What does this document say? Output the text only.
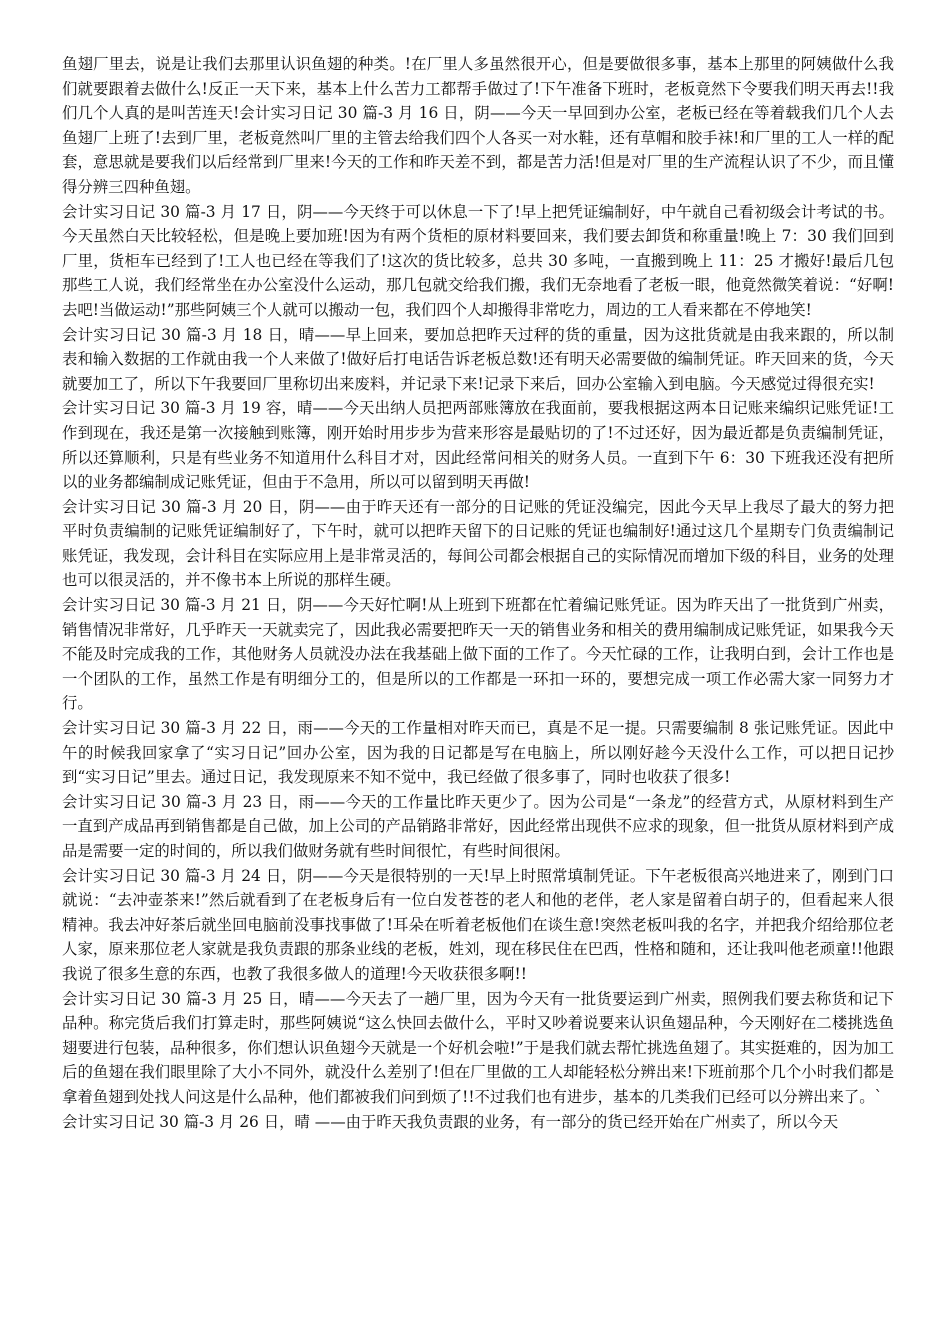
鱼翅厂里去，说是让我们去那里认识鱼翅的种类。!在厂里人多虽然很开心，但是要做很多事，基本上那里的阿姨做什么我们就要跟着去做什么!反正一天下来，基本上什么苦力工都帮手做过了!下午准备下班时，老板竟然下令要我们明天再去!!我们几个人真的是叫苦连天!会计实习日记 30 篇-3 月 16 日，阴——今天一早回到办公室，老板已经在等着载我们几个人去鱼翅厂上班了!去到厂里，老板竟然叫厂里的主管去给我们四个人各买一对水鞋，还有草帽和胶手袜!和厂里的工人一样的配套，意思就是要我们以后经常到厂里来!今天的工作和昨天差不到，都是苦力活!但是对厂里的生产流程认识了不少，而且懂得分辨三四种鱼翅。

会计实习日记 30 篇-3 月 17 日，阴——今天终于可以休息一下了!早上把凭证编制好，中午就自己看初级会计考试的书。今天虽然白天比较轻松，但是晚上要加班!因为有两个货柜的原材料要回来，我们要去卸货和称重量!晚上 7：30 我们回到厂里，货柜车已经到了!工人也已经在等我们了!这次的货比较多，总共 30 多吨，一直搬到晚上 11：25 才搬好!最后几包那些工人说，我们经常坐在办公室没什么运动，那几包就交给我们搬，我们无奈地看了老板一眼，他竟然微笑着说：“好啊!去吧!当做运动!”那些阿姨三个人就可以搬动一包，我们四个人却搬得非常吃力，周边的工人看来都在不停地笑!

会计实习日记 30 篇-3 月 18 日，晴——早上回来，要加总把昨天过秤的货的重量，因为这批货就是由我来跟的，所以制表和输入数据的工作就由我一个人来做了!做好后打电话告诉老板总数!还有明天必需要做的编制凭证。昨天回来的货，今天就要加工了，所以下午我要回厂里称切出来废料，并记录下来!记录下来后，回办公室输入到电脑。今天感觉过得很充实!

会计实习日记 30 篇-3 月 19 容，晴——今天出纳人员把两部账簿放在我面前，要我根据这两本日记账来编织记账凭证!工作到现在，我还是第一次接触到账簿，刚开始时用步步为营来形容是最贴切的了!不过还好，因为最近都是负责编制凭证，所以还算顺利，只是有些业务不知道用什么科目才对，因此经常问相关的财务人员。一直到下午 6：30 下班我还没有把所以的业务都编制成记账凭证，但由于不急用，所以可以留到明天再做!

会计实习日记 30 篇-3 月 20 日，阴——由于昨天还有一部分的日记账的凭证没编完，因此今天早上我尽了最大的努力把平时负责编制的记账凭证编制好了，下午时，就可以把昨天留下的日记账的凭证也编制好!通过这几个星期专门负责编制记账凭证，我发现，会计科目在实际应用上是非常灵活的，每间公司都会根据自己的实际情况而增加下级的科目，业务的处理也可以很灵活的，并不像书本上所说的那样生硬。

会计实习日记 30 篇-3 月 21 日，阴——今天好忙啊!从上班到下班都在忙着编记账凭证。因为昨天出了一批货到广州卖，销售情况非常好，几乎昨天一天就卖完了，因此我必需要把昨天一天的销售业务和相关的费用编制成记账凭证，如果我今天不能及时完成我的工作，其他财务人员就没办法在我基础上做下面的工作了。今天忙碌的工作，让我明白到，会计工作也是一个团队的工作，虽然工作是有明细分工的，但是所以的工作都是一环扣一环的，要想完成一项工作必需大家一同努力才行。

会计实习日记 30 篇-3 月 22 日，雨——今天的工作量相对昨天而已，真是不足一提。只需要编制 8 张记账凭证。因此中午的时候我回家拿了“实习日记”回办公室，因为我的日记都是写在电脑上，所以刚好趁今天没什么工作，可以把日记抄到“实习日记”里去。通过日记，我发现原来不知不觉中，我已经做了很多事了，同时也收获了很多!

会计实习日记 30 篇-3 月 23 日，雨——今天的工作量比昨天更少了。因为公司是“一条龙”的经营方式，从原材料到生产一直到产成品再到销售都是自己做，加上公司的产品销路非常好，因此经常出现供不应求的现象，但一批货从原材料到产成品是需要一定的时间的，所以我们做财务就有些时间很忙，有些时间很闲。

会计实习日记 30 篇-3 月 24 日，阴——今天是很特别的一天!早上时照常填制凭证。下午老板很高兴地进来了，刚到门口就说：“去冲壶茶来!”然后就看到了在老板身后有一位白发苍苍的老人和他的老伴，老人家是留着白胡子的，但看起来人很精神。我去冲好茶后就坐回电脑前没事找事做了!耳朵在听着老板他们在谈生意!突然老板叫我的名字，并把我介绍给那位老人家，原来那位老人家就是我负责跟的那条业线的老板，姓刘，现在移民住在巴西，性格和随和，还让我叫他老顽童!!他跟我说了很多生意的东西，也教了我很多做人的道理!今天收获很多啊!!

会计实习日记 30 篇-3 月 25 日，晴——今天去了一趟厂里，因为今天有一批货要运到广州卖，照例我们要去称货和记下品种。称完货后我们打算走时，那些阿姨说“这么快回去做什么，平时又吵着说要来认识鱼翅品种，今天刚好在二楼挑选鱼翅要进行包装，品种很多，你们想认识鱼翅今天就是一个好机会啦!”于是我们就去帮忙挑选鱼翅了。其实挺难的，因为加工后的鱼翅在我们眼里除了大小不同外，就没什么差别了!但在厂里做的工人却能轻松分辨出来!下班前那个几个小时我们都是拿着鱼翅到处找人问这是什么品种，他们都被我们问到烦了!!不过我们也有进步，基本的几类我们已经可以分辨出来了。`

会计实习日记 30 篇-3 月 26 日，晴 ——由于昨天我负责跟的业务，有一部分的货已经开始在广州卖了，所以今天
